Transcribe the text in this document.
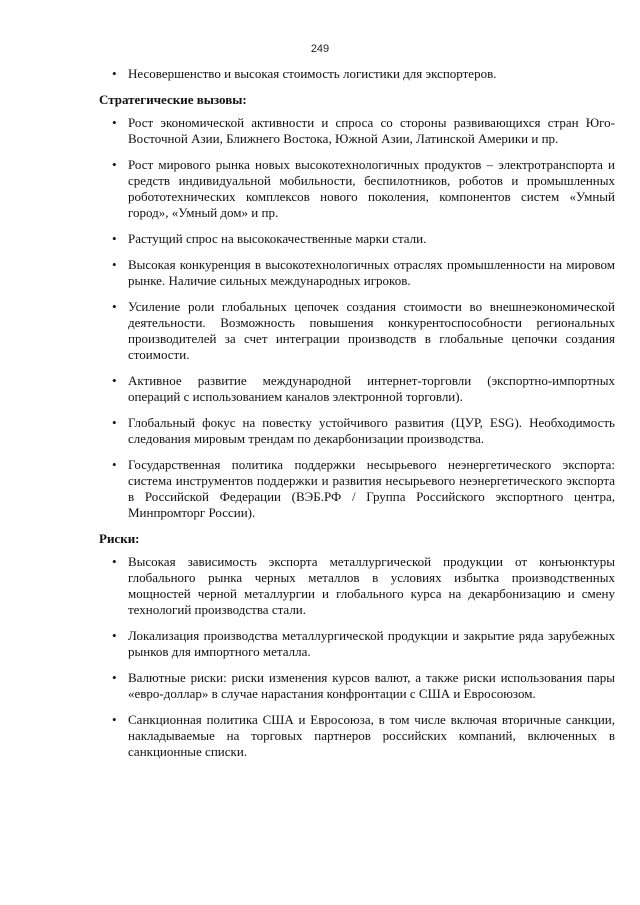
249
• Несовершенство и высокая стоимость логистики для экспортеров.
Стратегические вызовы:
• Рост экономической активности и спроса со стороны развивающихся стран Юго-Восточной Азии, Ближнего Востока, Южной Азии, Латинской Америки и пр.
• Рост мирового рынка новых высокотехнологичных продуктов – электротранспорта и средств индивидуальной мобильности, беспилотников, роботов и промышленных робототехнических комплексов нового поколения, компонентов систем «Умный город», «Умный дом» и пр.
• Растущий спрос на высококачественные марки стали.
• Высокая конкуренция в высокотехнологичных отраслях промышленности на мировом рынке. Наличие сильных международных игроков.
• Усиление роли глобальных цепочек создания стоимости во внешнеэкономической деятельности. Возможность повышения конкурентоспособности региональных производителей за счет интеграции производств в глобальные цепочки создания стоимости.
• Активное развитие международной интернет-торговли (экспортно-импортных операций с использованием каналов электронной торговли).
• Глобальный фокус на повестку устойчивого развития (ЦУР, ESG). Необходимость следования мировым трендам по декарбонизации производства.
• Государственная политика поддержки несырьевого неэнергетического экспорта: система инструментов поддержки и развития несырьевого неэнергетического экспорта в Российской Федерации (ВЭБ.РФ / Группа Российского экспортного центра, Минпромторг России).
Риски:
• Высокая зависимость экспорта металлургической продукции от конъюнктуры глобального рынка черных металлов в условиях избытка производственных мощностей черной металлургии и глобального курса на декарбонизацию и смену технологий производства стали.
• Локализация производства металлургической продукции и закрытие ряда зарубежных рынков для импортного металла.
• Валютные риски: риски изменения курсов валют, а также риски использования пары «евро-доллар» в случае нарастания конфронтации с США и Евросоюзом.
• Санкционная политика США и Евросоюза, в том числе включая вторичные санкции, накладываемые на торговых партнеров российских компаний, включенных в санкционные списки.
